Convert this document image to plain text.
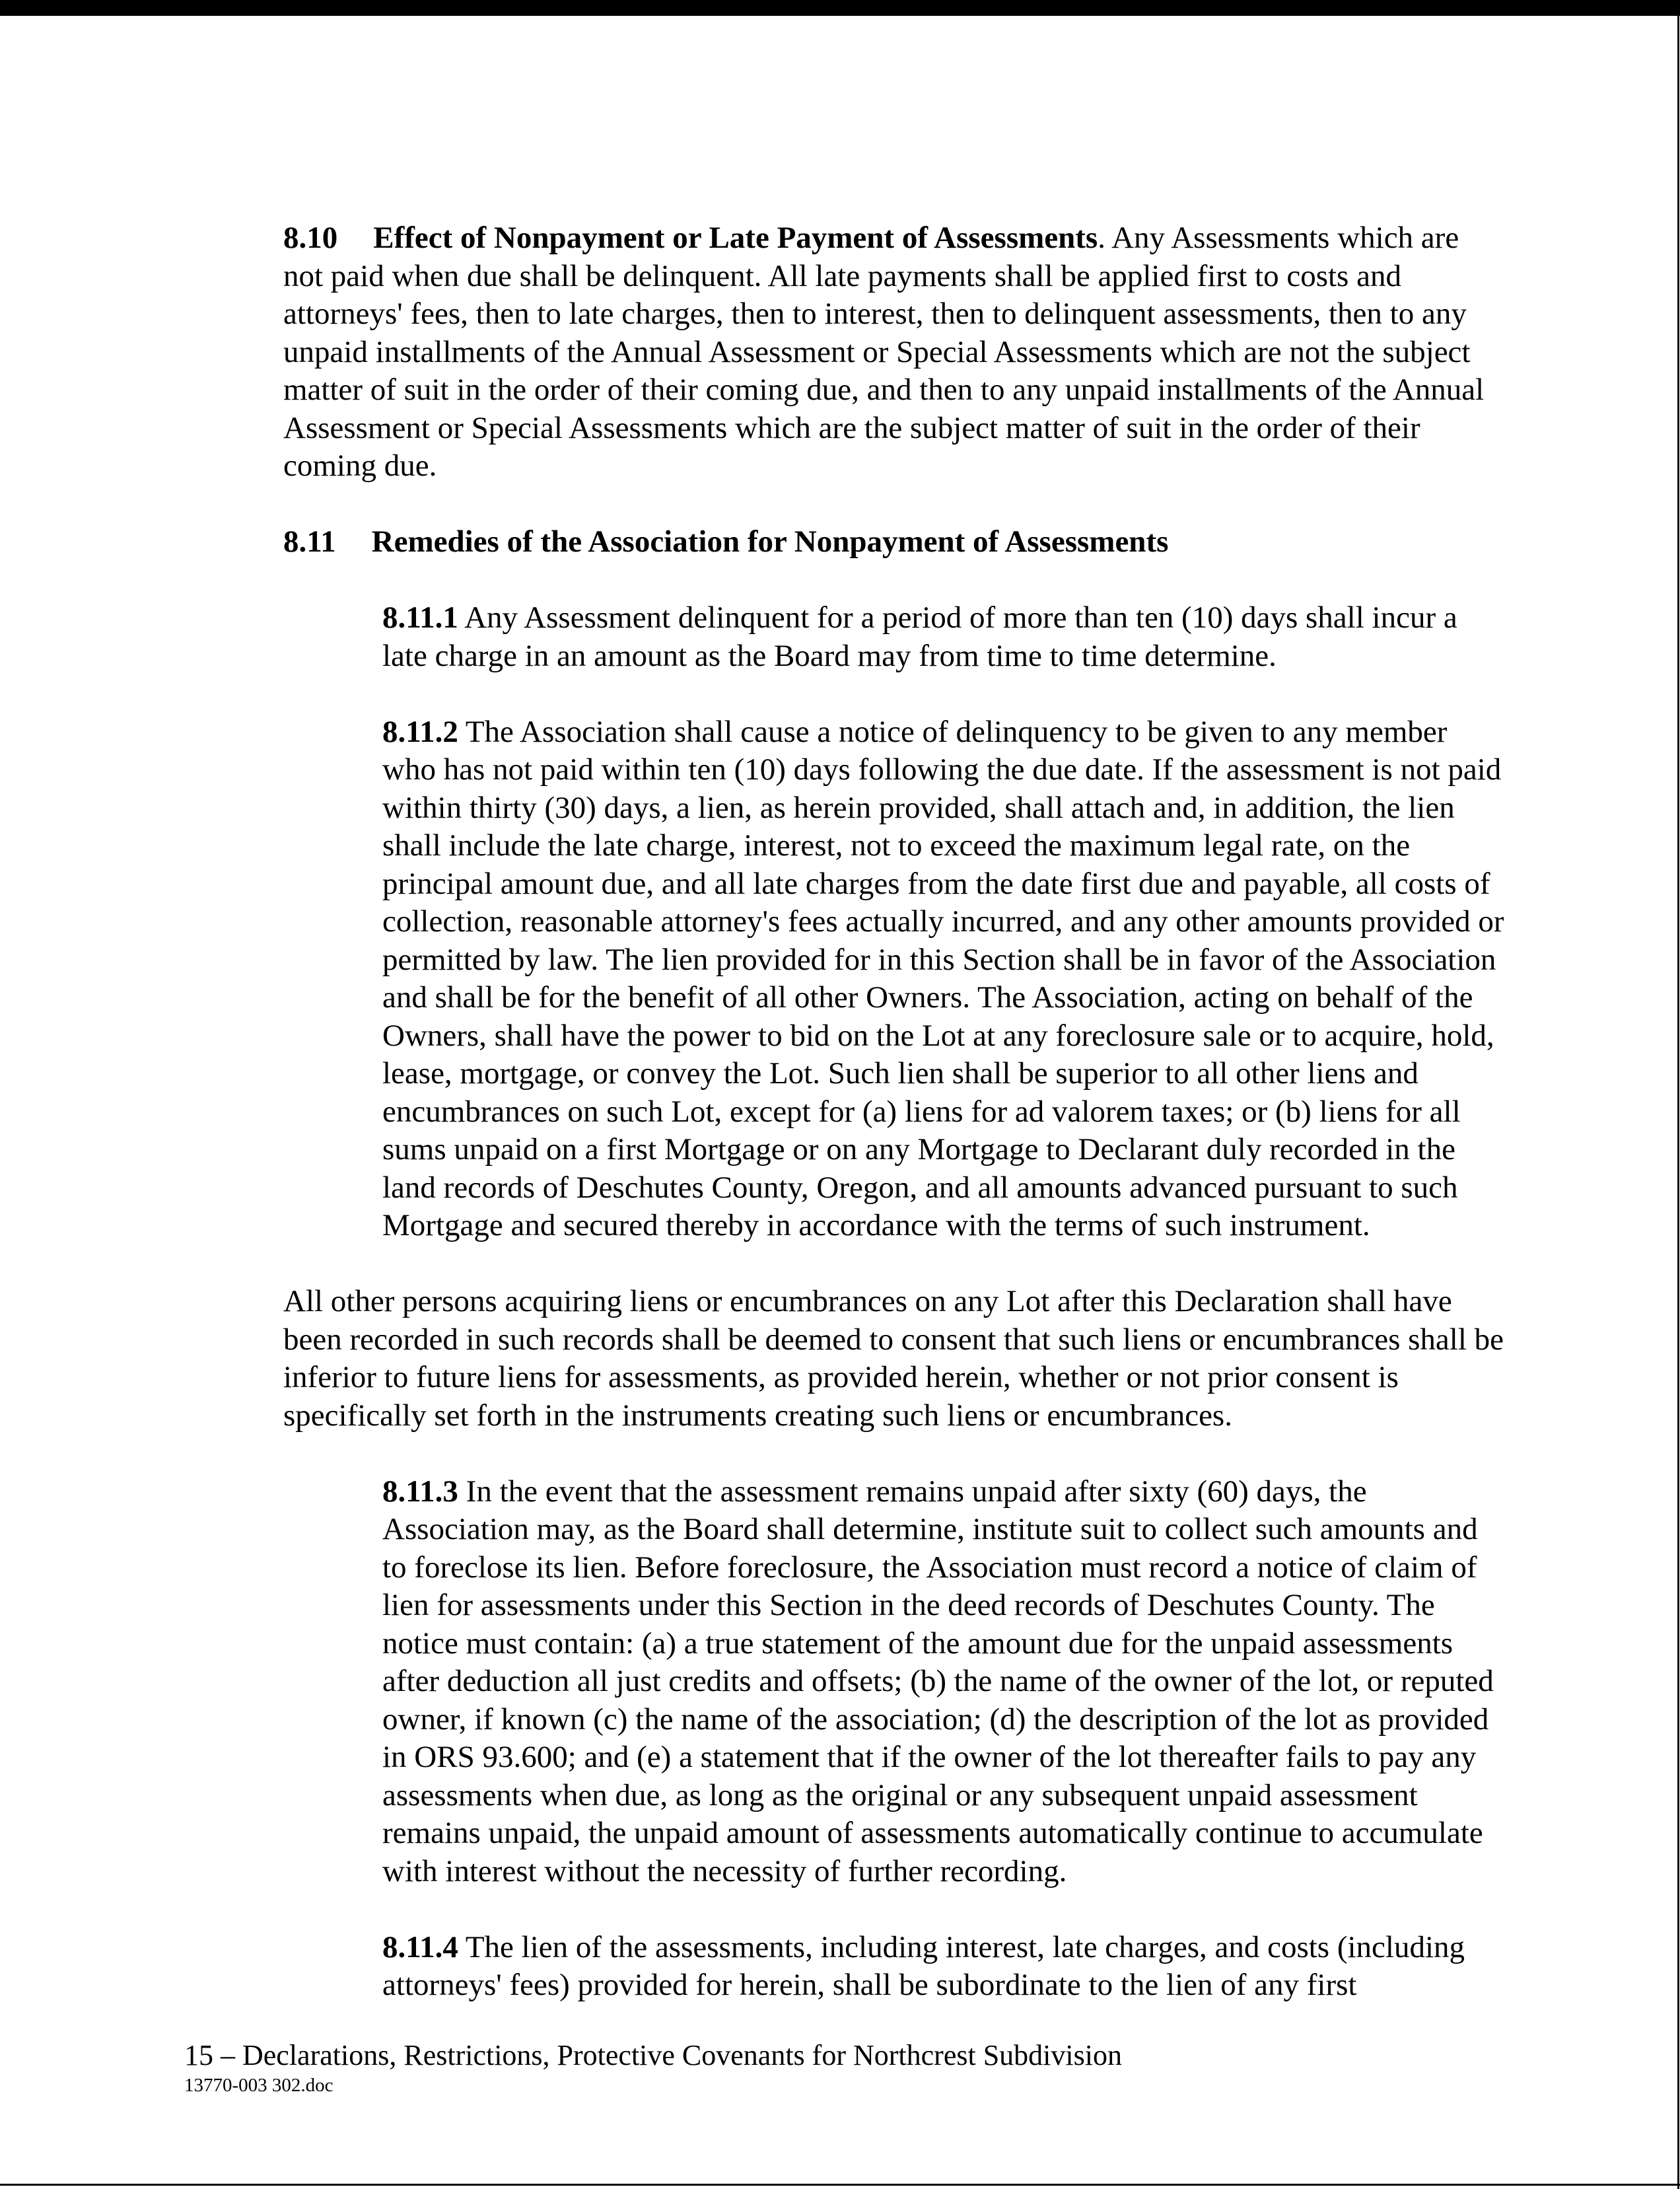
8.10 Effect of Nonpayment or Late Payment of Assessments. Any Assessments which are not paid when due shall be delinquent. All late payments shall be applied first to costs and attorneys' fees, then to late charges, then to interest, then to delinquent assessments, then to any unpaid installments of the Annual Assessment or Special Assessments which are not the subject matter of suit in the order of their coming due, and then to any unpaid installments of the Annual Assessment or Special Assessments which are the subject matter of suit in the order of their coming due.

8.11 Remedies of the Association for Nonpayment of Assessments

8.11.1 Any Assessment delinquent for a period of more than ten (10) days shall incur a late charge in an amount as the Board may from time to time determine.

8.11.2 The Association shall cause a notice of delinquency to be given to any member who has not paid within ten (10) days following the due date. If the assessment is not paid within thirty (30) days, a lien, as herein provided, shall attach and, in addition, the lien shall include the late charge, interest, not to exceed the maximum legal rate, on the principal amount due, and all late charges from the date first due and payable, all costs of collection, reasonable attorney's fees actually incurred, and any other amounts provided or permitted by law. The lien provided for in this Section shall be in favor of the Association and shall be for the benefit of all other Owners. The Association, acting on behalf of the Owners, shall have the power to bid on the Lot at any foreclosure sale or to acquire, hold, lease, mortgage, or convey the Lot. Such lien shall be superior to all other liens and encumbrances on such Lot, except for (a) liens for ad valorem taxes; or (b) liens for all sums unpaid on a first Mortgage or on any Mortgage to Declarant duly recorded in the land records of Deschutes County, Oregon, and all amounts advanced pursuant to such Mortgage and secured thereby in accordance with the terms of such instrument.

All other persons acquiring liens or encumbrances on any Lot after this Declaration shall have been recorded in such records shall be deemed to consent that such liens or encumbrances shall be inferior to future liens for assessments, as provided herein, whether or not prior consent is specifically set forth in the instruments creating such liens or encumbrances.

8.11.3 In the event that the assessment remains unpaid after sixty (60) days, the Association may, as the Board shall determine, institute suit to collect such amounts and to foreclose its lien. Before foreclosure, the Association must record a notice of claim of lien for assessments under this Section in the deed records of Deschutes County. The notice must contain: (a) a true statement of the amount due for the unpaid assessments after deduction all just credits and offsets; (b) the name of the owner of the lot, or reputed owner, if known (c) the name of the association; (d) the description of the lot as provided in ORS 93.600; and (e) a statement that if the owner of the lot thereafter fails to pay any assessments when due, as long as the original or any subsequent unpaid assessment remains unpaid, the unpaid amount of assessments automatically continue to accumulate with interest without the necessity of further recording.

8.11.4 The lien of the assessments, including interest, late charges, and costs (including attorneys' fees) provided for herein, shall be subordinate to the lien of any first

15 – Declarations, Restrictions, Protective Covenants for Northcrest Subdivision
13770-003 302.doc
